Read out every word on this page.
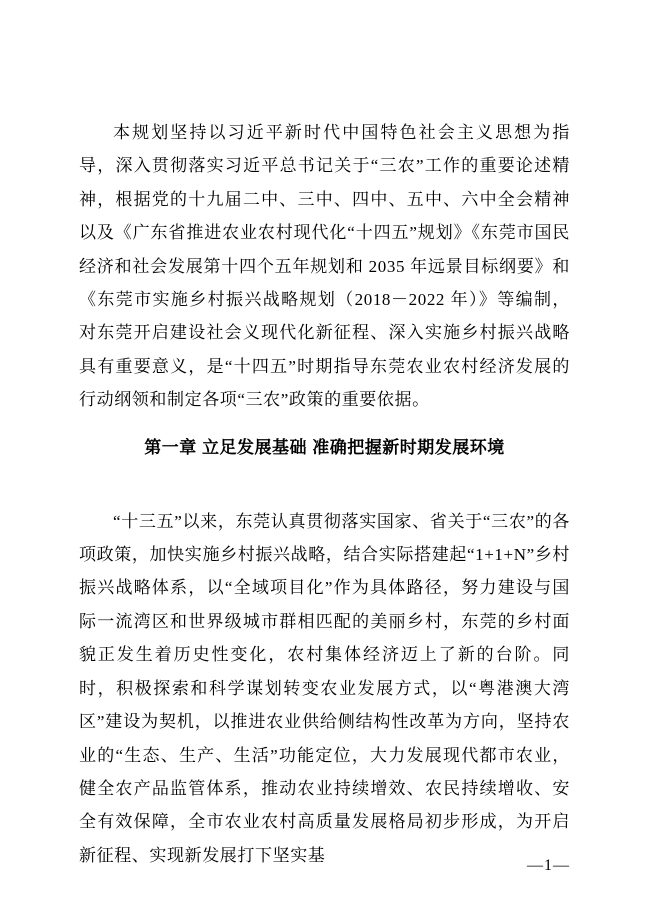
本规划坚持以习近平新时代中国特色社会主义思想为指导，深入贯彻落实习近平总书记关于“三农”工作的重要论述精神，根据党的十九届二中、三中、四中、五中、六中全会精神以及《广东省推进农业农村现代化“十四五”规划》《东莞市国民经济和社会发展第十四个五年规划和 2035 年远景目标纲要》和《东莞市实施乡村振兴战略规划（2018－2022 年）》等编制，对东莞开启建设社会义现代化新征程、深入实施乡村振兴战略具有重要意义，是“十四五”时期指导东莞农业农村经济发展的行动纲领和制定各项“三农”政策的重要依据。

第一章 立足发展基础 准确把握新时期发展环境

“十三五”以来，东莞认真贯彻落实国家、省关于“三农”的各项政策，加快实施乡村振兴战略，结合实际搭建起“1+1+N”乡村振兴战略体系，以“全域项目化”作为具体路径，努力建设与国际一流湾区和世界级城市群相匹配的美丽乡村，东莞的乡村面貌正发生着历史性变化，农村集体经济迈上了新的台阶。同时，积极探索和科学谋划转变农业发展方式，以“粤港澳大湾区”建设为契机，以推进农业供给侧结构性改革为方向，坚持农业的“生态、生产、生活”功能定位，大力发展现代都市农业，健全农产品监管体系，推动农业持续增效、农民持续增收、安全有效保障，全市农业农村高质量发展格局初步形成，为开启新征程、实现新发展打下坚实基

—1—
